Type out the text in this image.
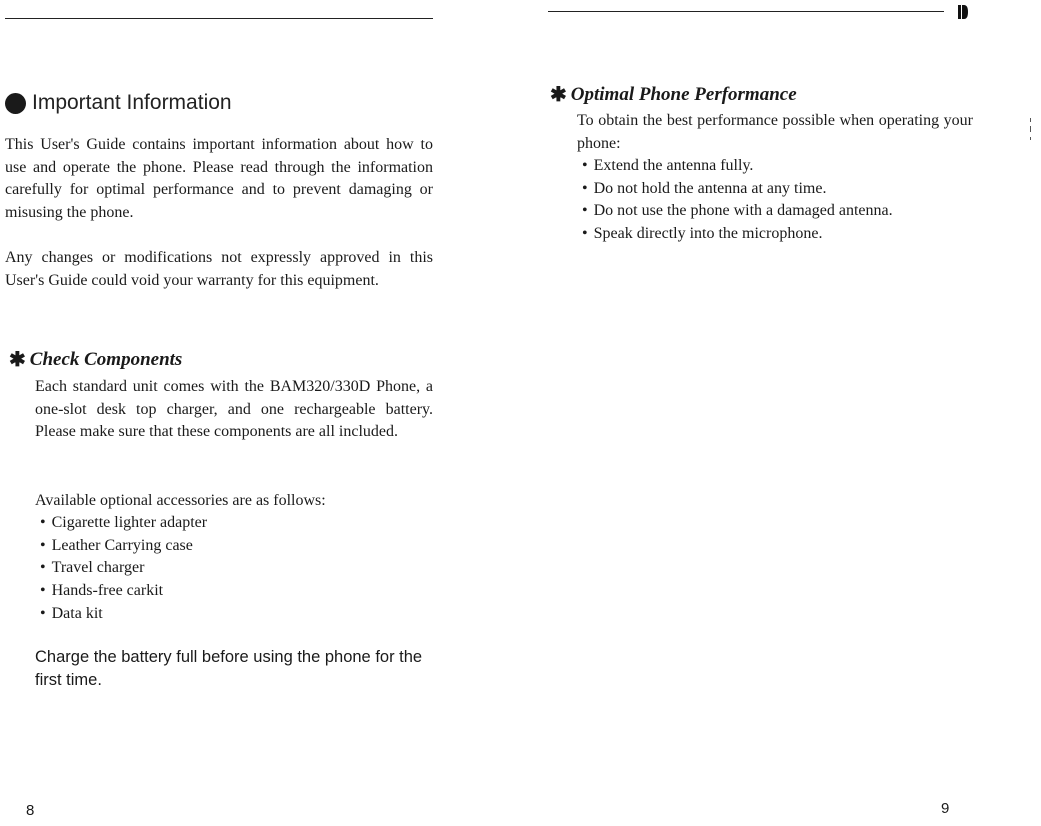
Important Information

This User's Guide contains important information about how to use and operate the phone. Please read through the information carefully for optimal performance and to prevent damaging or misusing the phone.

Any changes or modifications not expressly approved in this User's Guide could void your warranty for this equipment.

✱ Check Components

Each standard unit comes with the BAM320/330D Phone, a one-slot desk top charger, and one rechargeable battery. Please make sure that these components are all included.

Available optional accessories are as follows:

• Cigarette lighter adapter
• Leather Carrying case
• Travel charger
• Hands-free carkit
• Data kit

Charge the battery full before using the phone for the first time.

8
✱ Optimal Phone Performance

To obtain the best performance possible when operating your phone:

• Extend the antenna fully.
• Do not hold the antenna at any time.
• Do not use the phone with a damaged antenna.
• Speak directly into the microphone.
9
